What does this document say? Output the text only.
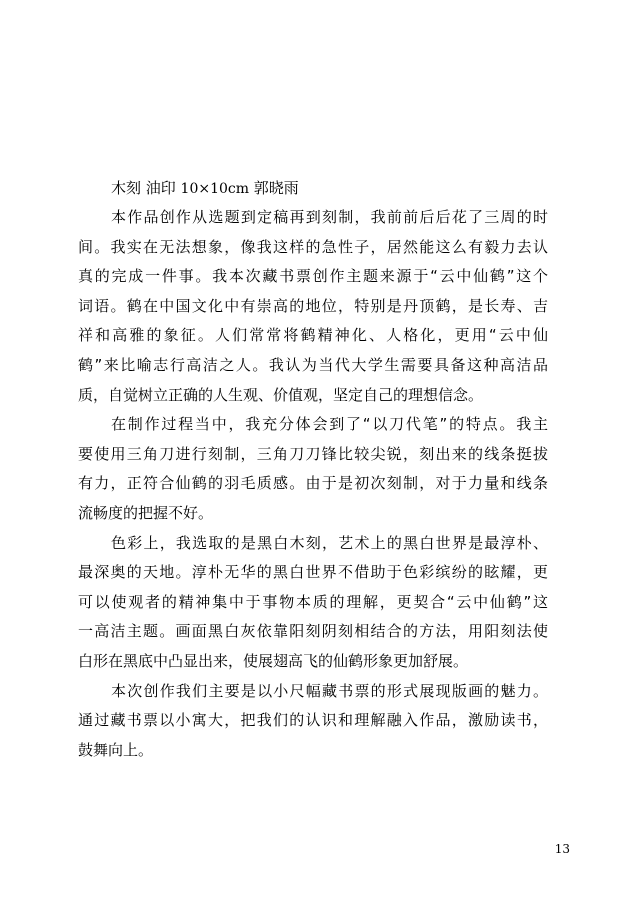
木刻 油印 10×10cm 郭晓雨
本作品创作从选题到定稿再到刻制，我前前后后花了三周的时
间。我实在无法想象，像我这样的急性子，居然能这么有毅力去认
真的完成一件事。我本次藏书票创作主题来源于“云中仙鹤”这个
词语。鹤在中国文化中有崇高的地位，特别是丹顶鹤，是长寿、吉
祥和高雅的象征。人们常常将鹤精神化、人格化，更用“云中仙
鹤”来比喻志行高洁之人。我认为当代大学生需要具备这种高洁品
质，自觉树立正确的人生观、价值观，坚定自己的理想信念。
在制作过程当中，我充分体会到了“以刀代笔”的特点。我主
要使用三角刀进行刻制，三角刀刀锋比较尖锐，刻出来的线条挺拔
有力，正符合仙鹤的羽毛质感。由于是初次刻制，对于力量和线条
流畅度的把握不好。
色彩上，我选取的是黑白木刻，艺术上的黑白世界是最淳朴、
最深奥的天地。淳朴无华的黑白世界不借助于色彩缤纷的眩耀，更
可以使观者的精神集中于事物本质的理解，更契合“云中仙鹤”这
一高洁主题。画面黑白灰依靠阳刻阴刻相结合的方法，用阳刻法使
白形在黑底中凸显出来，使展翅高飞的仙鹤形象更加舒展。
本次创作我们主要是以小尺幅藏书票的形式展现版画的魅力。
通过藏书票以小寓大，把我们的认识和理解融入作品，激励读书，
鼓舞向上。
13
